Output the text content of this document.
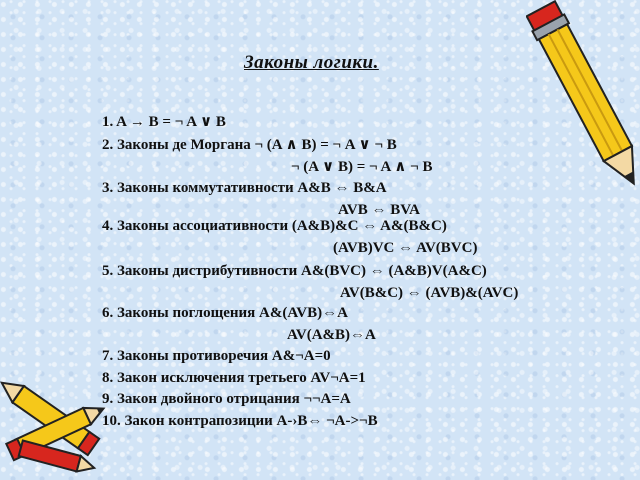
Законы логики.
1. A → B = ¬ A ∨ B
2. Законы де Моргана ¬ (A ∧ B) = ¬ A ∨ ¬ B
¬ (A ∨ B) = ¬ A ∧ ¬ B
3. Законы коммутативности A&B ⇔ B&A
AVB ⇔ BVA
4. Законы ассоциативности (A&B)&C ⇔ A&(B&C)
(AVB)VC ⇔ AV(BVC)
5. Законы дистрибутивности A&(BVC) ⇔ (A&B)V(A&C)
AV(B&C) ⇔ (AVB)&(AVC)
6. Законы поглощения A&(AVB)⇔A
AV(A&B)⇔A
7. Законы противоречия A&¬A=0
8. Закон исключения третьего AV¬A=1
9. Закон двойного отрицания ¬¬A=A
10. Закон контрапозиции A-›B⇔ ¬A->¬B
